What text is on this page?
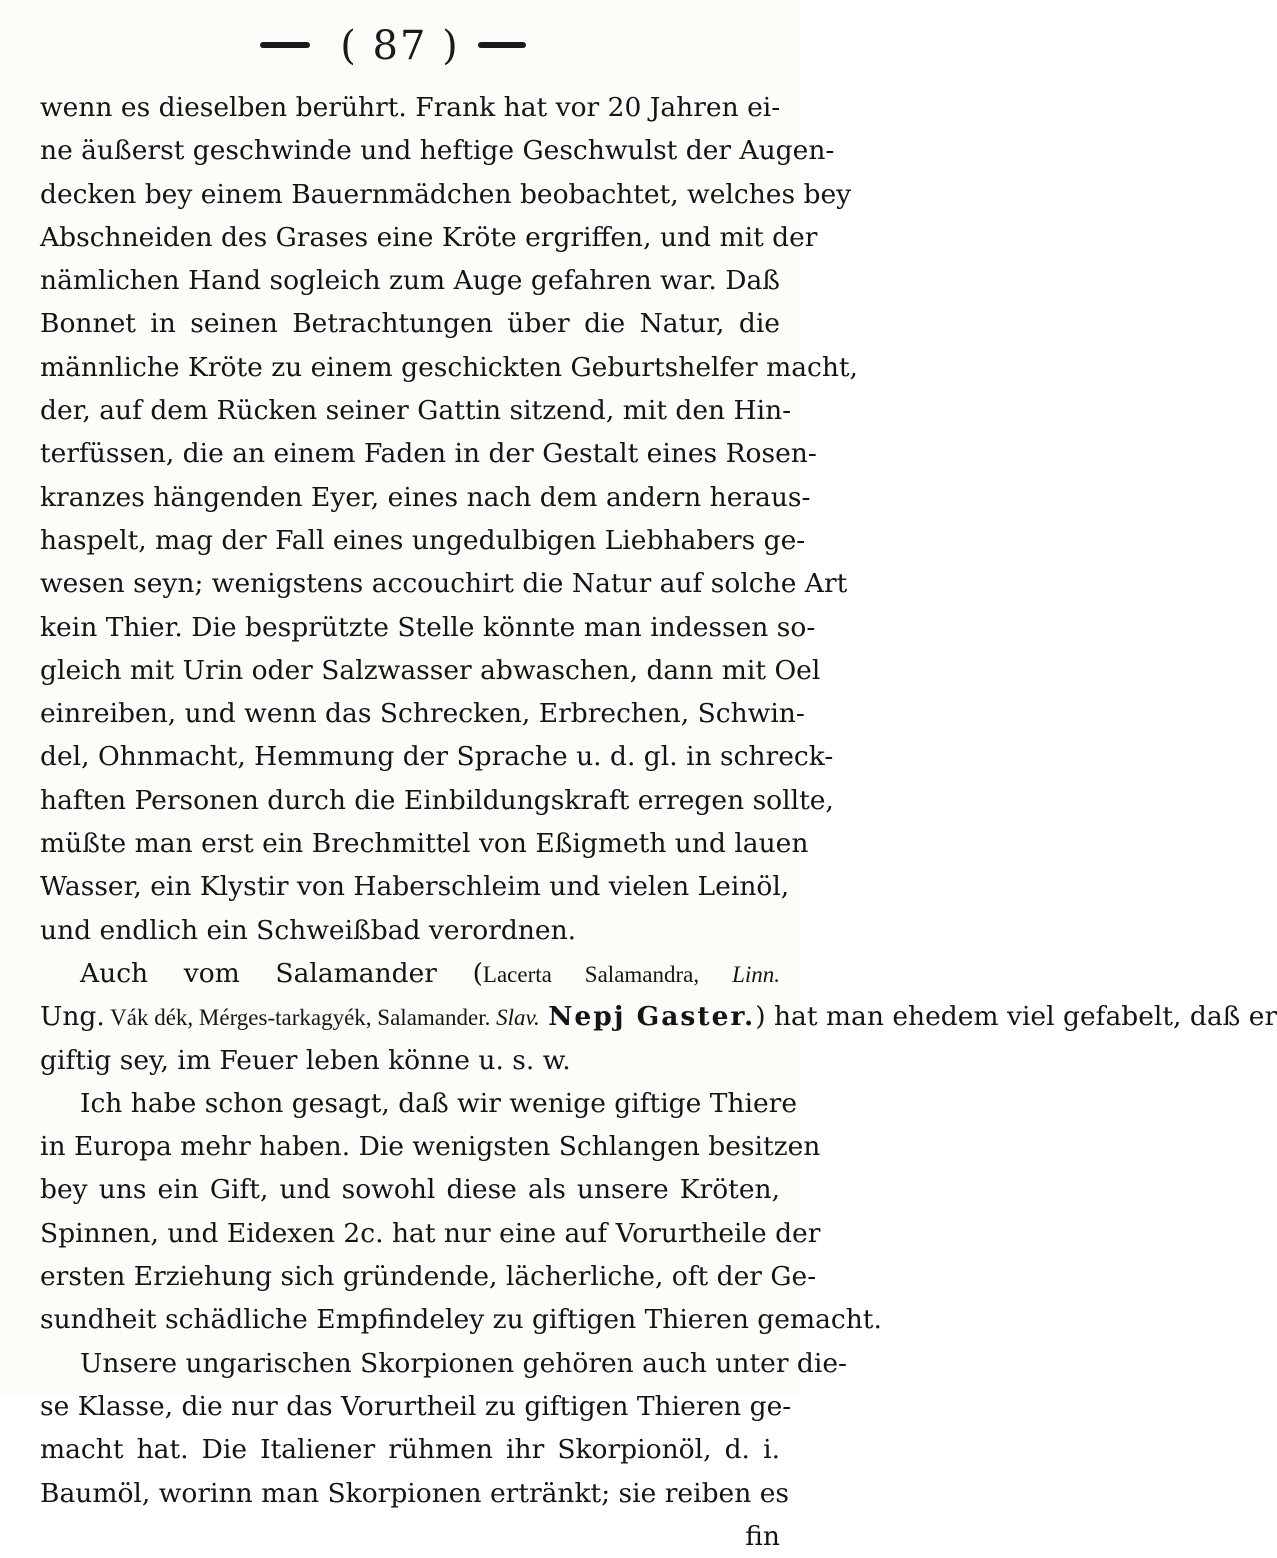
( 87 )
wenn es dieselben berührt. Frank hat vor 20 Jahren ei-
ne äußerst geschwinde und heftige Geschwulst der Augen-
decken bey einem Bauernmädchen beobachtet, welches bey
Abschneiden des Grases eine Kröte ergriffen, und mit der
nämlichen Hand sogleich zum Auge gefahren war. Daß
Bonnet in seinen Betrachtungen über die Natur, die
männliche Kröte zu einem geschickten Geburtshelfer macht,
der, auf dem Rücken seiner Gattin sitzend, mit den Hin-
terfüssen, die an einem Faden in der Gestalt eines Rosen-
kranzes hängenden Eyer, eines nach dem andern heraus-
haspelt, mag der Fall eines ungedulbigen Liebhabers ge-
wesen seyn; wenigstens accouchirt die Natur auf solche Art
kein Thier. Die besprützte Stelle könnte man indessen so-
gleich mit Urin oder Salzwasser abwaschen, dann mit Oel
einreiben, und wenn das Schrecken, Erbrechen, Schwin-
del, Ohnmacht, Hemmung der Sprache u. d. gl. in schreck-
haften Personen durch die Einbildungskraft erregen sollte,
müßte man erst ein Brechmittel von Eßigmeth und lauen
Wasser, ein Klystir von Haberschleim und vielen Leinöl,
und endlich ein Schweißbad verordnen.
Auch vom Salamander (Lacerta Salamandra, Linn.
Ung. Vák dék, Mérges-tarkagyék, Salamander. Slav. Nepj Gaster.) hat man ehedem viel gefabelt, daß er
giftig sey, im Feuer leben könne u. s. w.
Ich habe schon gesagt, daß wir wenige giftige Thiere
in Europa mehr haben. Die wenigsten Schlangen besitzen
bey uns ein Gift, und sowohl diese als unsere Kröten,
Spinnen, und Eidexen 2c. hat nur eine auf Vorurtheile der
ersten Erziehung sich gründende, lächerliche, oft der Ge-
sundheit schädliche Empfindeley zu giftigen Thieren gemacht.
Unsere ungarischen Skorpionen gehören auch unter die-
se Klasse, die nur das Vorurtheil zu giftigen Thieren ge-
macht hat. Die Italiener rühmen ihr Skorpionöl, d. i.
Baumöl, worinn man Skorpionen ertränkt; sie reiben es
fin
